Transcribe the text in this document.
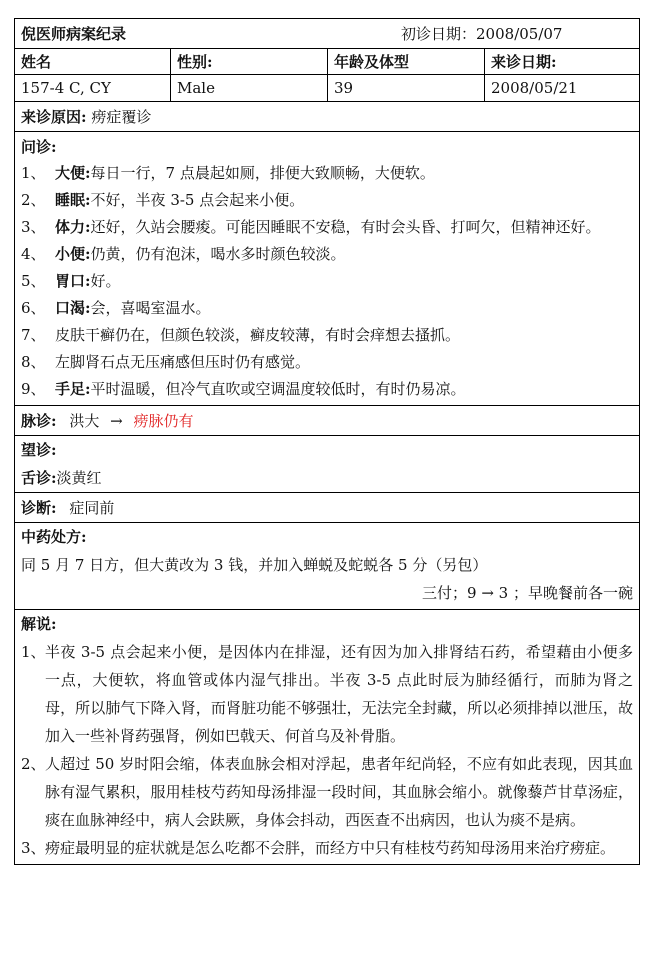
倪医师病案纪录	初诊日期：2008/05/07
姓名	性别:	年龄及体型	来诊日期:
157-4 C, CY	Male	39	2008/05/21
来诊原因: 痨症覆诊
问诊:
1、 大便:每日一行，7 点晨起如厕，排便大致顺畅，大便软。
2、 睡眠:不好，半夜 3-5 点会起来小便。
3、 体力:还好，久站会腰痠。可能因睡眠不安稳，有时会头昏、打呵欠，但精神还好。
4、 小便:仍黄，仍有泡沫，喝水多时颜色较淡。
5、 胃口:好。
6、 口渴:会，喜喝室温水。
7、 皮肤干癣仍在，但颜色较淡，癣皮较薄，有时会痒想去搔抓。
8、 左脚肾石点无压痛感但压时仍有感觉。
9、 手足:平时温暖，但冷气直吹或空调温度较低时，有时仍易凉。
脉诊: 洪大 → 痨脉仍有
望诊:
舌诊:淡黄红
诊断: 症同前
中药处方:
同 5 月 7 日方，但大黄改为 3 钱，并加入蝉蜕及蛇蜕各 5 分（另包）
三付；9 → 3 ；早晚餐前各一碗
解说:
1、 半夜 3-5 点会起来小便，是因体内在排湿，还有因为加入排肾结石药，希望藉由小便多一点，大便软，将血管或体内湿气排出。半夜 3-5 点此时辰为肺经循行，而肺为肾之母，所以肺气下降入肾，而肾脏功能不够强壮，无法完全封藏，所以必须排掉以泄压，故加入一些补肾药强肾，例如巴戟天、何首乌及补骨脂。
2、 人超过 50 岁时阳会缩，体表血脉会相对浮起，患者年纪尚轻，不应有如此表现，因其血脉有湿气累积，服用桂枝芍药知母汤排湿一段时间，其血脉会缩小。就像藜芦甘草汤症，痰在血脉神经中，病人会趺厥，身体会抖动，西医查不出病因，也认为痰不是病。
3、 痨症最明显的症状就是怎么吃都不会胖，而经方中只有桂枝芍药知母汤用来治疗痨症。
